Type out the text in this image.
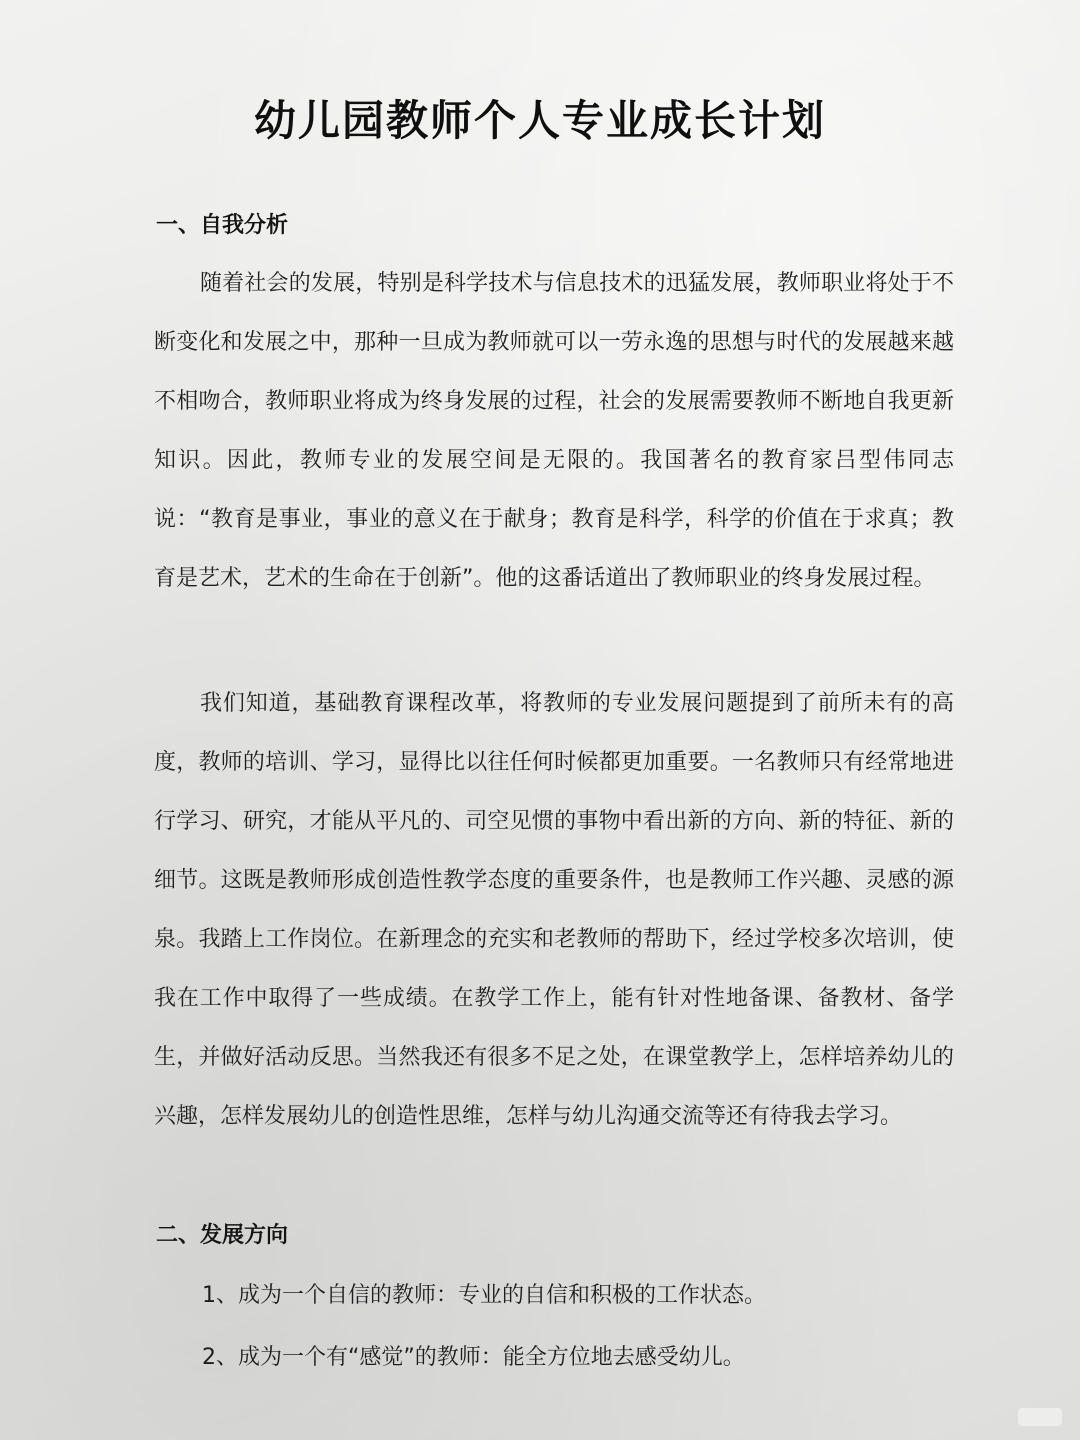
幼儿园教师个人专业成长计划
一、自我分析

随着社会的发展，特别是科学技术与信息技术的迅猛发展，教师职业将处于不断变化和发展之中，那种一旦成为教师就可以一劳永逸的思想与时代的发展越来越不相吻合，教师职业将成为终身发展的过程，社会的发展需要教师不断地自我更新知识。因此，教师专业的发展空间是无限的。我国著名的教育家吕型伟同志说：“教育是事业，事业的意义在于献身；教育是科学，科学的价值在于求真；教育是艺术，艺术的生命在于创新”。他的这番话道出了教师职业的终身发展过程。

我们知道，基础教育课程改革，将教师的专业发展问题提到了前所未有的高度，教师的培训、学习，显得比以往任何时候都更加重要。一名教师只有经常地进行学习、研究，才能从平凡的、司空见惯的事物中看出新的方向、新的特征、新的细节。这既是教师形成创造性教学态度的重要条件，也是教师工作兴趣、灵感的源泉。我踏上工作岗位。在新理念的充实和老教师的帮助下，经过学校多次培训，使我在工作中取得了一些成绩。在教学工作上，能有针对性地备课、备教材、备学生，并做好活动反思。当然我还有很多不足之处，在课堂教学上，怎样培养幼儿的兴趣，怎样发展幼儿的创造性思维，怎样与幼儿沟通交流等还有待我去学习。

二、发展方向
1、成为一个自信的教师：专业的自信和积极的工作状态。
2、成为一个有“感觉”的教师：能全方位地去感受幼儿。
